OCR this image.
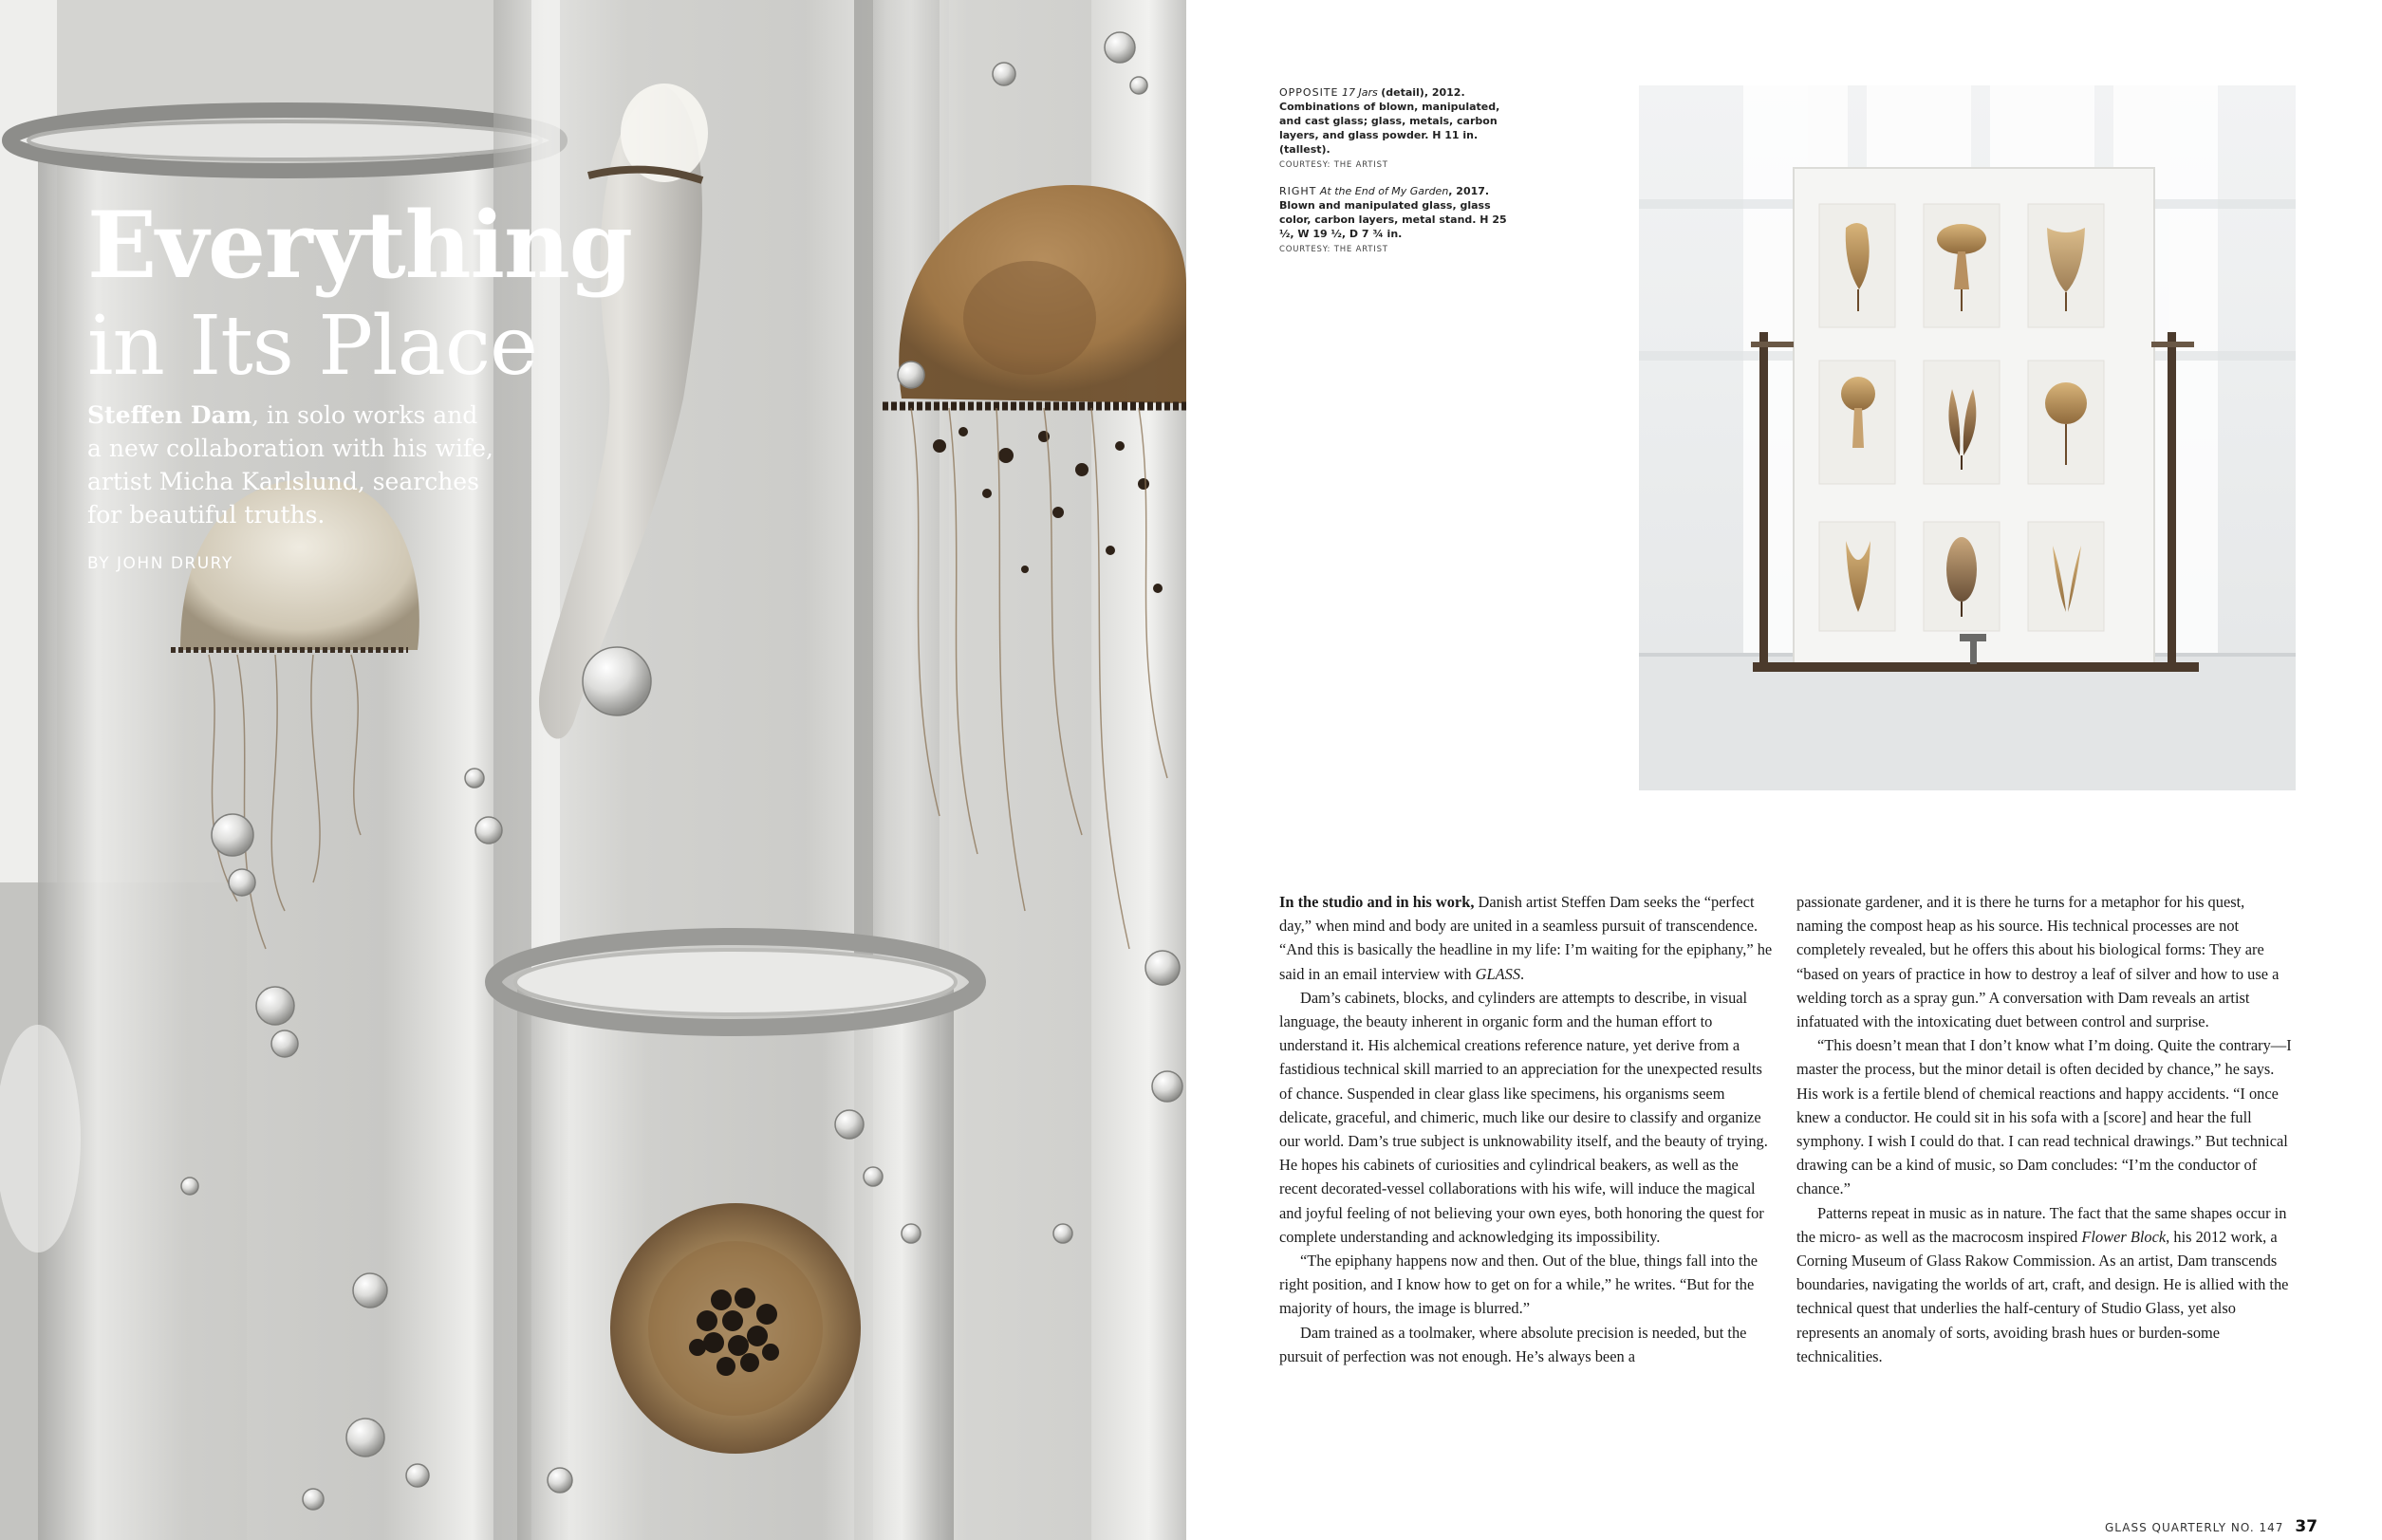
Everything
in Its Place
Steffen Dam, in solo works and a new collaboration with his wife, artist Micha Karlslund, searches for beautiful truths.
BY JOHN DRURY

OPPOSITE 17 Jars (detail), 2012. Combinations of blown, manipulated, and cast glass; glass, metals, carbon layers, and glass powder. H 11 in. (tallest).
COURTESY: THE ARTIST

RIGHT At the End of My Garden, 2017. Blown and manipulated glass, glass color, carbon layers, metal stand. H 25 ½, W 19 ½, D 7 ¾ in.
COURTESY: THE ARTIST

In the studio and in his work, Danish artist Steffen Dam seeks the “perfect day,” when mind and body are united in a seamless pursuit of transcendence. “And this is basically the headline in my life: I’m waiting for the epiphany,” he said in an email interview with GLASS.

Dam’s cabinets, blocks, and cylinders are attempts to describe, in visual language, the beauty inherent in organic form and the human effort to understand it. His alchemical creations reference nature, yet derive from a fastidious technical skill married to an appreciation for the unexpected results of chance. Suspended in clear glass like specimens, his organisms seem delicate, graceful, and chimeric, much like our desire to classify and organize our world. Dam’s true subject is unknowability itself, and the beauty of trying. He hopes his cabinets of curiosities and cylindrical beakers, as well as the recent decorated-vessel collaborations with his wife, will induce the magical and joyful feeling of not believing your own eyes, both honoring the quest for complete understanding and acknowledging its impossibility.

“The epiphany happens now and then. Out of the blue, things fall into the right position, and I know how to get on for a while,” he writes. “But for the majority of hours, the image is blurred.”

Dam trained as a toolmaker, where absolute precision is needed, but the pursuit of perfection was not enough. He’s always been a

passionate gardener, and it is there he turns for a metaphor for his quest, naming the compost heap as his source. His technical processes are not completely revealed, but he offers this about his biological forms: They are “based on years of practice in how to destroy a leaf of silver and how to use a welding torch as a spray gun.” A conversation with Dam reveals an artist infatuated with the intoxicating duet between control and surprise.

“This doesn’t mean that I don’t know what I’m doing. Quite the contrary—I master the process, but the minor detail is often decided by chance,” he says. His work is a fertile blend of chemical reactions and happy accidents. “I once knew a conductor. He could sit in his sofa with a [score] and hear the full symphony. I wish I could do that. I can read technical drawings.” But technical drawing can be a kind of music, so Dam concludes: “I’m the conductor of chance.”

Patterns repeat in music as in nature. The fact that the same shapes occur in the micro- as well as the macrocosm inspired Flower Block, his 2012 work, a Corning Museum of Glass Rakow Commission. As an artist, Dam transcends boundaries, navigating the worlds of art, craft, and design. He is allied with the technical quest that underlies the half-century of Studio Glass, yet also represents an anomaly of sorts, avoiding brash hues or burden-some technicalities.

GLASS QUARTERLY NO. 147 37
